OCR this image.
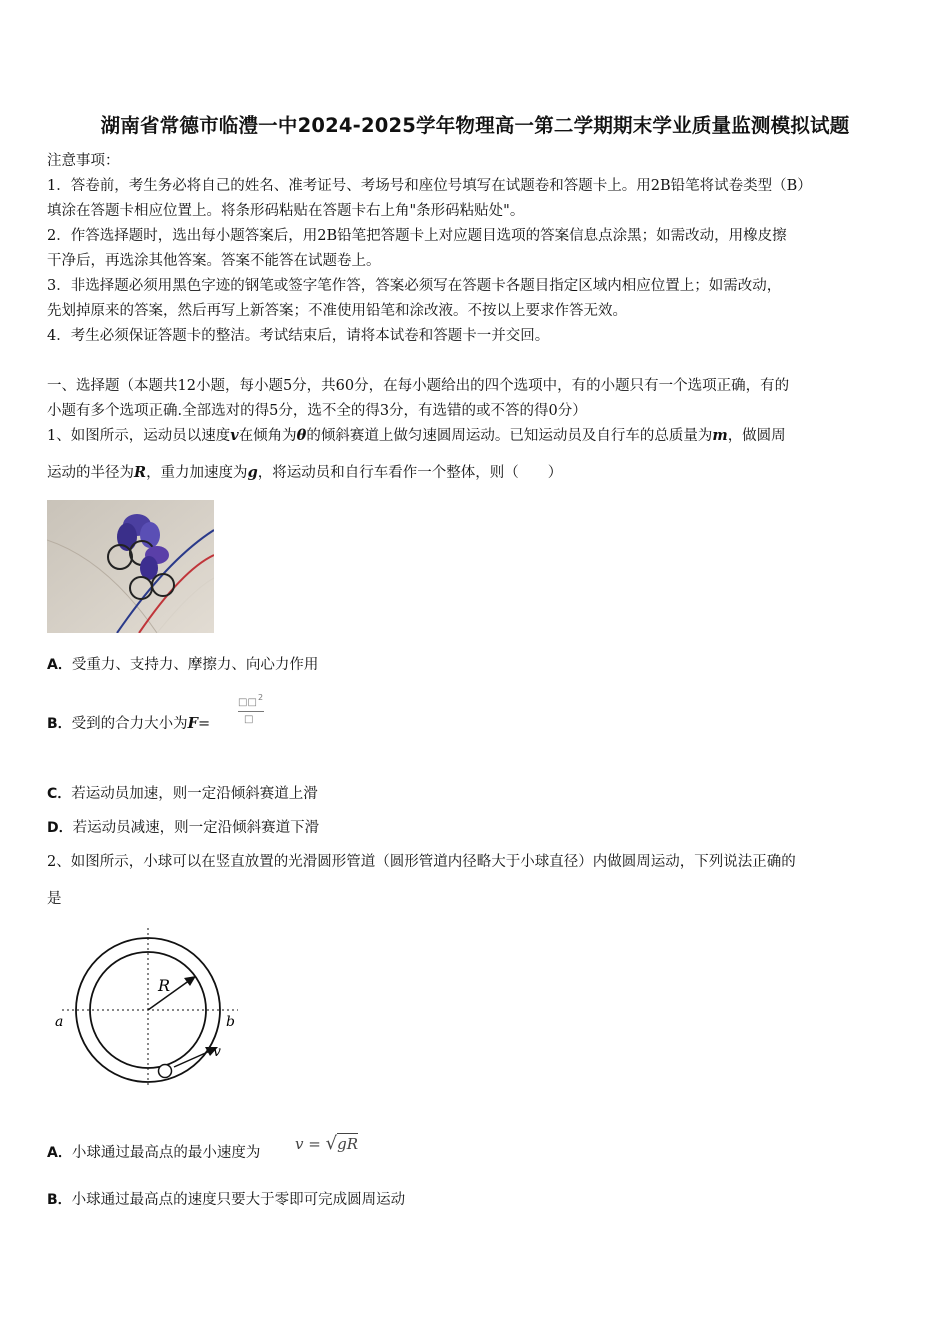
湖南省常德市临澧一中2024-2025学年物理高一第二学期期末学业质量监测模拟试题
注意事项：
1．答卷前，考生务必将自己的姓名、准考证号、考场号和座位号填写在试题卷和答题卡上。用2B铅笔将试卷类型（B）
填涂在答题卡相应位置上。将条形码粘贴在答题卡右上角"条形码粘贴处"。
2．作答选择题时，选出每小题答案后，用2B铅笔把答题卡上对应题目选项的答案信息点涂黑；如需改动，用橡皮擦
干净后，再选涂其他答案。答案不能答在试题卷上。
3．非选择题必须用黑色字迹的钢笔或签字笔作答，答案必须写在答题卡各题目指定区域内相应位置上；如需改动，
先划掉原来的答案，然后再写上新答案；不准使用铅笔和涂改液。不按以上要求作答无效。
4．考生必须保证答题卡的整洁。考试结束后，请将本试卷和答题卡一并交回。
一、选择题（本题共12小题，每小题5分，共60分，在每小题给出的四个选项中，有的小题只有一个选项正确，有的
小题有多个选项正确.全部选对的得5分，选不全的得3分，有选错的或不答的得0分）
1、如图所示，运动员以速度v在倾角为θ的倾斜赛道上做匀速圆周运动。已知运动员及自行车的总质量为m，做圆周
运动的半径为R，重力加速度为g，将运动员和自行车看作一个整体，则（　　）
A．受重力、支持力、摩擦力、向心力作用
B．受到的合力大小为F=
□□ 2
□
C．若运动员加速，则一定沿倾斜赛道上滑
D．若运动员减速，则一定沿倾斜赛道下滑
2、如图所示，小球可以在竖直放置的光滑圆形管道（圆形管道内径略大于小球直径）内做圆周运动，下列说法正确的
是
R
a	b
v
A．小球通过最高点的最小速度为 v = √gR
B．小球通过最高点的速度只要大于零即可完成圆周运动
